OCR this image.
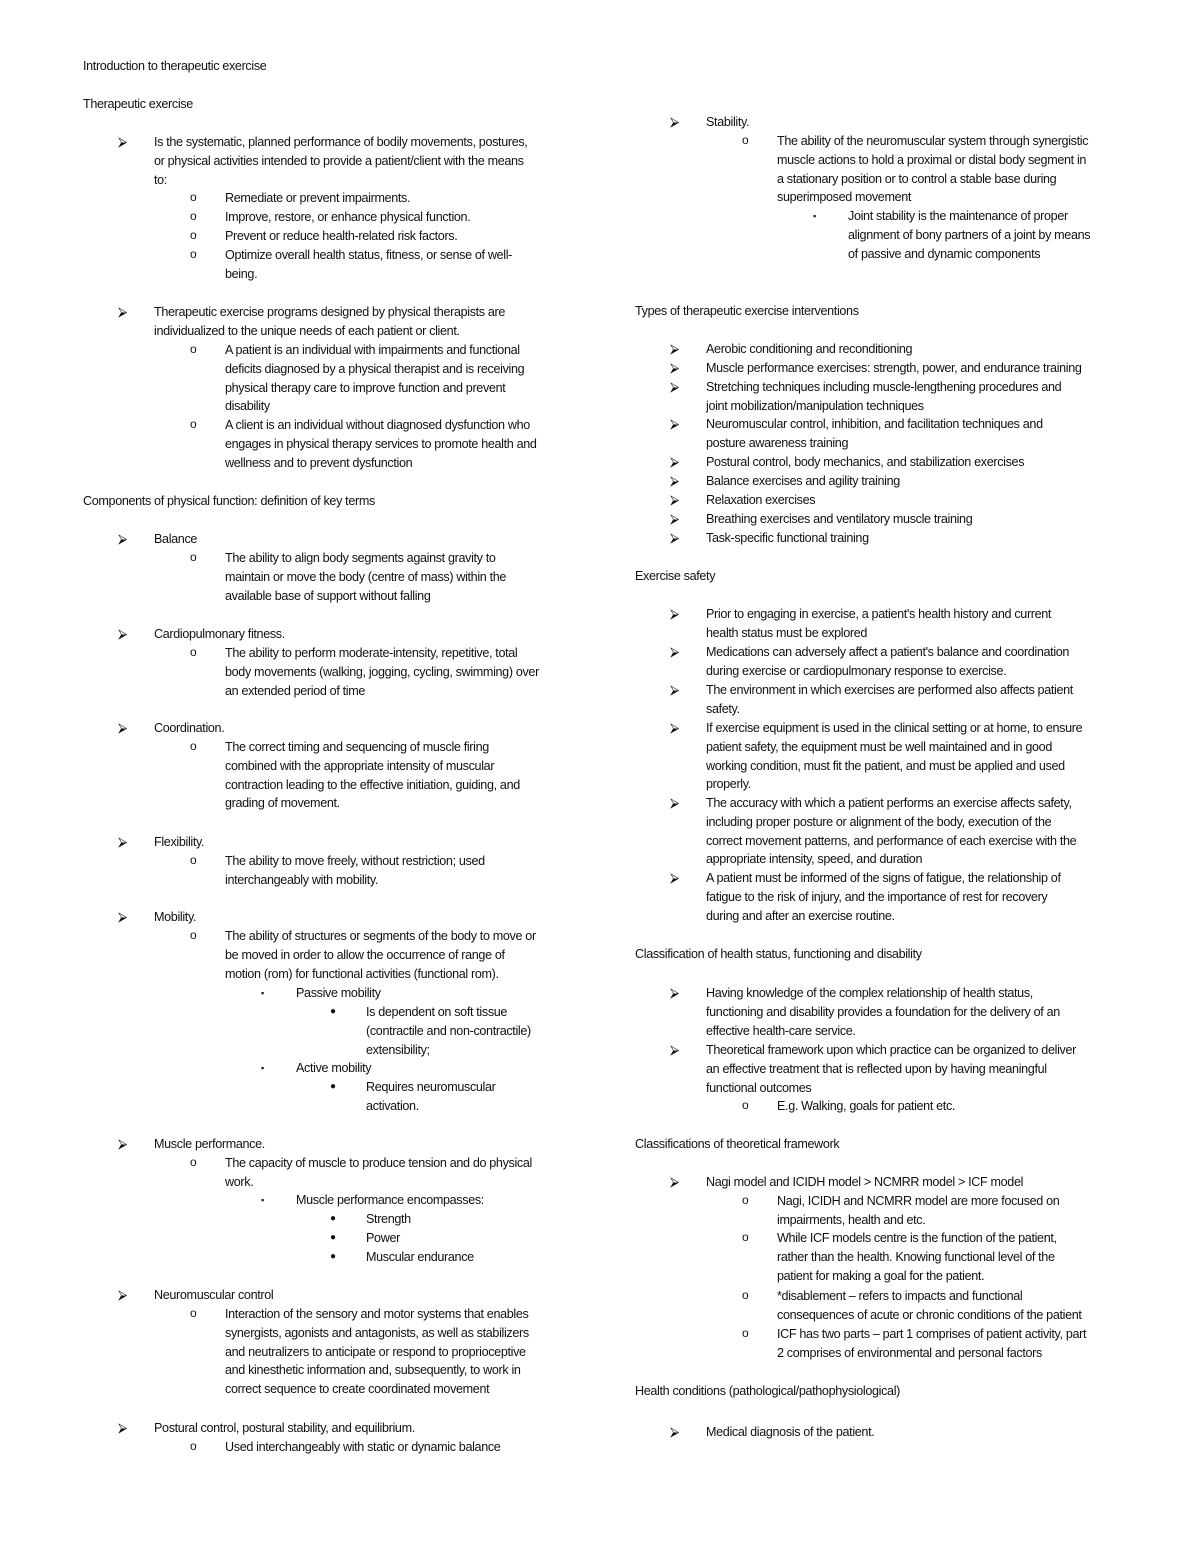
Introduction to therapeutic exercise
Therapeutic exercise
⮚ Is the systematic, planned performance of bodily movements, postures,
or physical activities intended to provide a patient/client with the means
to:
o Remediate or prevent impairments.
o Improve, restore, or enhance physical function.
o Prevent or reduce health-related risk factors.
o Optimize overall health status, fitness, or sense of well-
being.
⮚ Therapeutic exercise programs designed by physical therapists are
individualized to the unique needs of each patient or client.
o A patient is an individual with impairments and functional
deficits diagnosed by a physical therapist and is receiving
physical therapy care to improve function and prevent
disability
o A client is an individual without diagnosed dysfunction who
engages in physical therapy services to promote health and
wellness and to prevent dysfunction
Components of physical function: definition of key terms
⮚ Balance
o The ability to align body segments against gravity to
maintain or move the body (centre of mass) within the
available base of support without falling
⮚ Cardiopulmonary fitness.
o The ability to perform moderate-intensity, repetitive, total
body movements (walking, jogging, cycling, swimming) over
an extended period of time
⮚ Coordination.
o The correct timing and sequencing of muscle firing
combined with the appropriate intensity of muscular
contraction leading to the effective initiation, guiding, and
grading of movement.
⮚ Flexibility.
o The ability to move freely, without restriction; used
interchangeably with mobility.
⮚ Mobility.
o The ability of structures or segments of the body to move or
be moved in order to allow the occurrence of range of
motion (rom) for functional activities (functional rom).
▪	Passive mobility
● Is dependent on soft tissue
(contractile and non-contractile)
extensibility;
▪	Active mobility
● Requires neuromuscular
activation.
⮚ Muscle performance.
o The capacity of muscle to produce tension and do physical
work.
▪	Muscle performance encompasses:
● Strength
● Power
● Muscular endurance
⮚ Neuromuscular control
o Interaction of the sensory and motor systems that enables
synergists, agonists and antagonists, as well as stabilizers
and neutralizers to anticipate or respond to proprioceptive
and kinesthetic information and, subsequently, to work in
correct sequence to create coordinated movement
⮚ Postural control, postural stability, and equilibrium.
o Used interchangeably with static or dynamic balance
⮚ Stability.
o The ability of the neuromuscular system through synergistic
muscle actions to hold a proximal or distal body segment in
a stationary position or to control a stable base during
superimposed movement
▪	Joint stability is the maintenance of proper
alignment of bony partners of a joint by means
of passive and dynamic components
Types of therapeutic exercise interventions
⮚ Aerobic conditioning and reconditioning
⮚ Muscle performance exercises: strength, power, and endurance training
⮚ Stretching techniques including muscle-lengthening procedures and
joint mobilization/manipulation techniques
⮚ Neuromuscular control, inhibition, and facilitation techniques and
posture awareness training
⮚ Postural control, body mechanics, and stabilization exercises
⮚ Balance exercises and agility training
⮚ Relaxation exercises
⮚ Breathing exercises and ventilatory muscle training
⮚ Task-specific functional training
Exercise safety
⮚ Prior to engaging in exercise, a patient's health history and current
health status must be explored
⮚ Medications can adversely affect a patient's balance and coordination
during exercise or cardiopulmonary response to exercise.
⮚ The environment in which exercises are performed also affects patient
safety.
⮚ If exercise equipment is used in the clinical setting or at home, to ensure
patient safety, the equipment must be well maintained and in good
working condition, must fit the patient, and must be applied and used
properly.
⮚ The accuracy with which a patient performs an exercise affects safety,
including proper posture or alignment of the body, execution of the
correct movement patterns, and performance of each exercise with the
appropriate intensity, speed, and duration
⮚ A patient must be informed of the signs of fatigue, the relationship of
fatigue to the risk of injury, and the importance of rest for recovery
during and after an exercise routine.
Classification of health status, functioning and disability
⮚ Having knowledge of the complex relationship of health status,
functioning and disability provides a foundation for the delivery of an
effective health-care service.
⮚ Theoretical framework upon which practice can be organized to deliver
an effective treatment that is reflected upon by having meaningful
functional outcomes
o E.g. Walking, goals for patient etc.
Classifications of theoretical framework
⮚ Nagi model and ICIDH model > NCMRR model > ICF model
o Nagi, ICIDH and NCMRR model are more focused on
impairments, health and etc.
o While ICF models centre is the function of the patient,
rather than the health. Knowing functional level of the
patient for making a goal for the patient.
o *disablement – refers to impacts and functional
consequences of acute or chronic conditions of the patient
o ICF has two parts – part 1 comprises of patient activity, part
2 comprises of environmental and personal factors
Health conditions (pathological/pathophysiological)
⮚ Medical diagnosis of the patient.
